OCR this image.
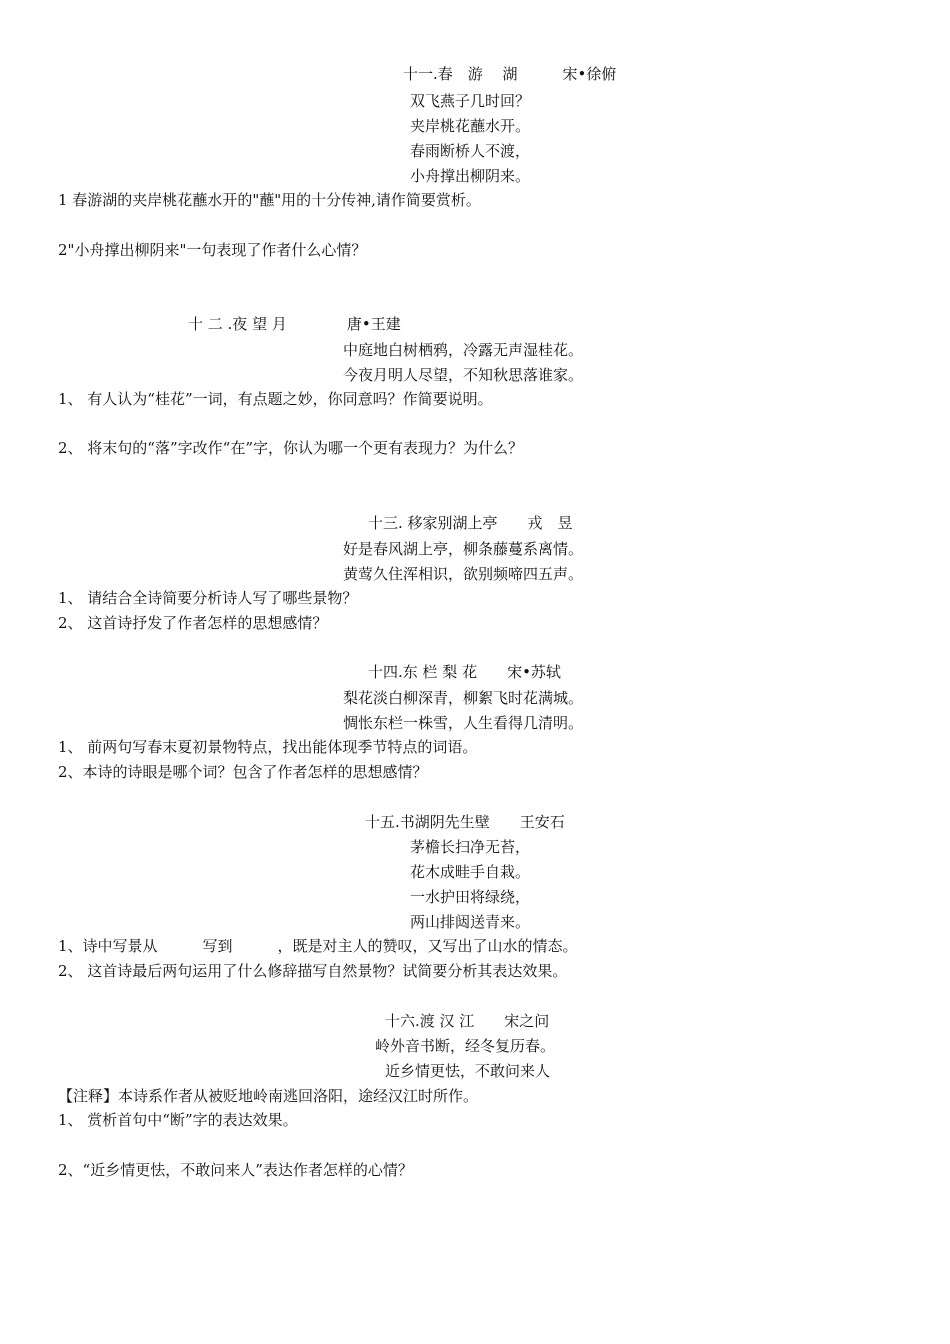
十一.春　游　 湖　　　宋•徐俯
双飞燕子几时回？
夹岸桃花蘸水开。
春雨断桥人不渡，
小舟撑出柳阴来。
1 春游湖的夹岸桃花蘸水开的"蘸"用的十分传神,请作简要赏析。
2"小舟撑出柳阴来"一句表现了作者什么心情？
十 二 .夜 望 月　　　　唐•王建
中庭地白树栖鸦，冷露无声湿桂花。
今夜月明人尽望，不知秋思落谁家。
1、 有人认为“桂花”一词，有点题之妙，你同意吗？作简要说明。
2、 将末句的“落”字改作“在”字，你认为哪一个更有表现力？为什么？
十三. 移家别湖上亭　　戎　昱
好是春风湖上亭，柳条藤蔓系离情。
黄莺久住浑相识，欲别频啼四五声。
1、 请结合全诗简要分析诗人写了哪些景物？
2、 这首诗抒发了作者怎样的思想感情？
十四.东 栏 梨 花　　宋•苏轼
梨花淡白柳深青，柳絮飞时花满城。
惆怅东栏一株雪，人生看得几清明。
1、 前两句写春末夏初景物特点，找出能体现季节特点的词语。
2、本诗的诗眼是哪个词？包含了作者怎样的思想感情？
十五.书湖阴先生壁　　王安石
茅檐长扫净无苔，
花木成畦手自栽。
一水护田将绿绕，
两山排闼送青来。
1、诗中写景从　　　写到　　　，既是对主人的赞叹，又写出了山水的情态。
2、 这首诗最后两句运用了什么修辞描写自然景物？试简要分析其表达效果。
十六.渡 汉 江　　宋之问
岭外音书断，经冬复历春。
近乡情更怯，不敢问来人
【注释】本诗系作者从被贬地岭南逃回洛阳，途经汉江时所作。
1、 赏析首句中“断”字的表达效果。
2、“近乡情更怯，不敢问来人”表达作者怎样的心情？
